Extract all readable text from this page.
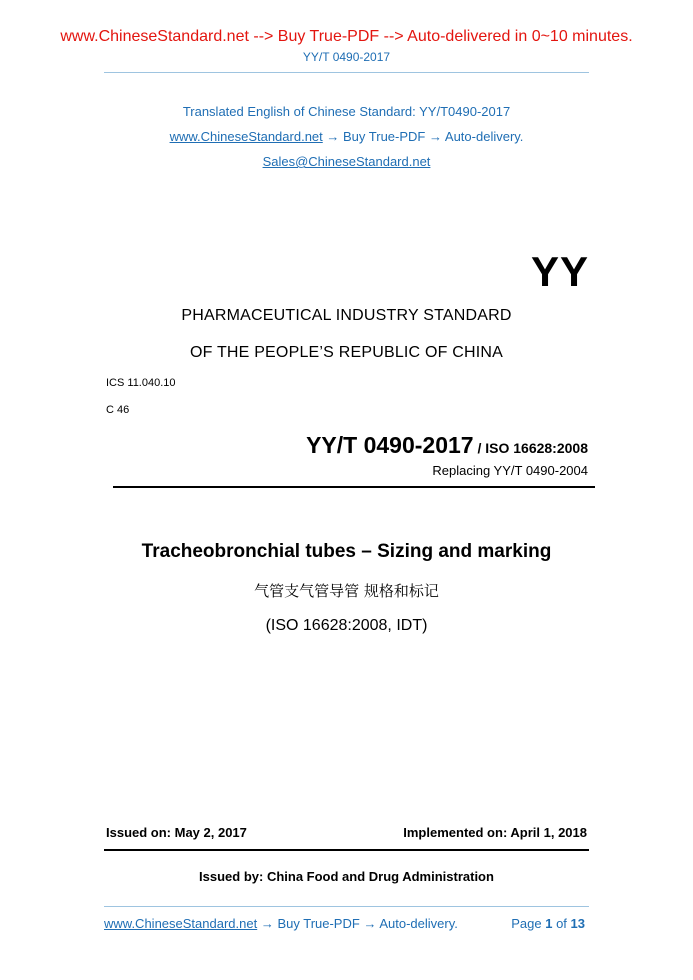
www.ChineseStandard.net --> Buy True-PDF --> Auto-delivered in 0~10 minutes.
YY/T 0490-2017
Translated English of Chinese Standard: YY/T0490-2017
www.ChineseStandard.net → Buy True-PDF → Auto-delivery.
Sales@ChineseStandard.net
YY
PHARMACEUTICAL INDUSTRY STANDARD
OF THE PEOPLE’S REPUBLIC OF CHINA
ICS 11.040.10
C 46
YY/T 0490-2017 / ISO 16628:2008
Replacing YY/T 0490-2004
Tracheobronchial tubes – Sizing and marking
气管支气管导管 规格和标记
(ISO 16628:2008, IDT)
Issued on: May 2, 2017	Implemented on: April 1, 2018
Issued by: China Food and Drug Administration
www.ChineseStandard.net → Buy True-PDF → Auto-delivery.	Page 1 of 13
